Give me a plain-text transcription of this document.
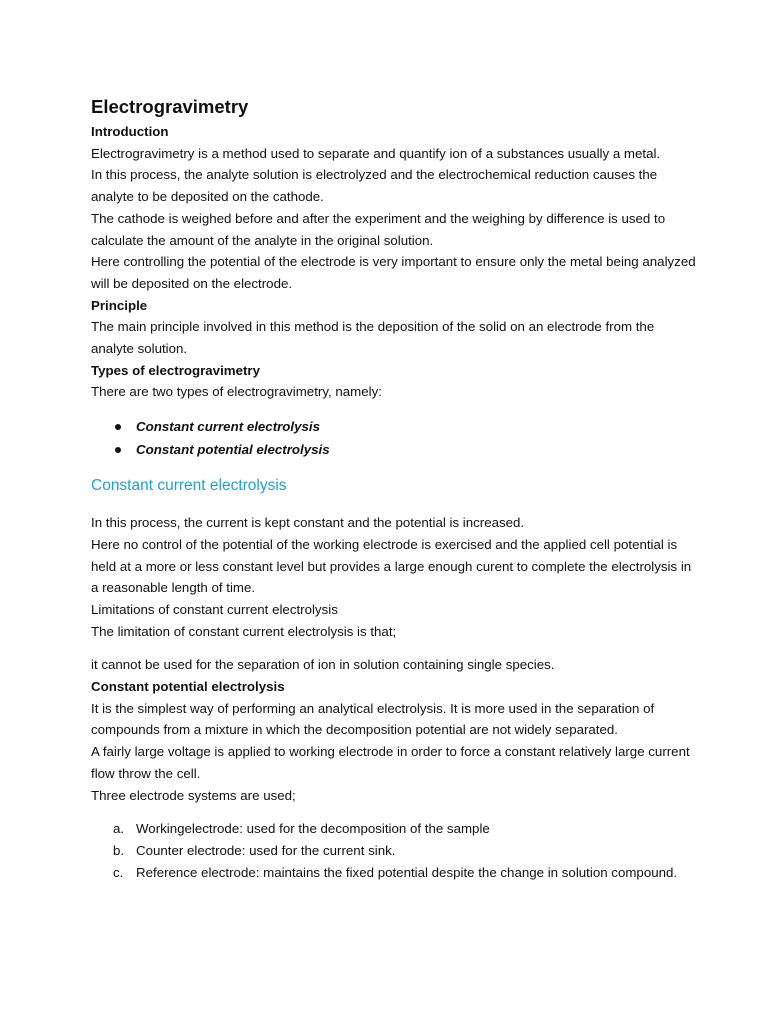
Electrogravimetry
Introduction

Electrogravimetry is a method used to separate and quantify ion of a substances usually a metal.

In this process, the analyte solution is electrolyzed and the electrochemical reduction causes the analyte to be deposited on the cathode.

The cathode is weighed before and after the experiment and the weighing by difference is used to calculate the amount of the analyte in the original solution.

Here controlling the potential of the electrode is very important to ensure only the metal being analyzed will be deposited on the electrode.

Principle

The main principle involved in this method is the deposition of the solid on an electrode from the analyte solution.

Types of electrogravimetry

There are two types of electrogravimetry, namely:

Constant current electrolysis
Constant potential electrolysis
Constant current electrolysis

In this process, the current is kept constant and the potential is increased.

Here no control of the potential of the working electrode is exercised and the applied cell potential is held at a more or less constant level but provides a large enough curent to complete the electrolysis in a reasonable length of time.

Limitations of constant current electrolysis

The limitation of constant current electrolysis is that;

it cannot be used for the separation of ion in solution containing single species.

Constant potential electrolysis

It is the simplest way of performing an analytical electrolysis. It is more used in the separation of compounds from a mixture in which the decomposition potential are not widely separated.

A fairly large voltage is applied to working electrode in order to force a constant relatively large current flow throw the cell.

Three electrode systems are used;

a. Workingelectrode: used for the decomposition of the sample
b. Counter electrode: used for the current sink.
c. Reference electrode: maintains the fixed potential despite the change in solution compound.
